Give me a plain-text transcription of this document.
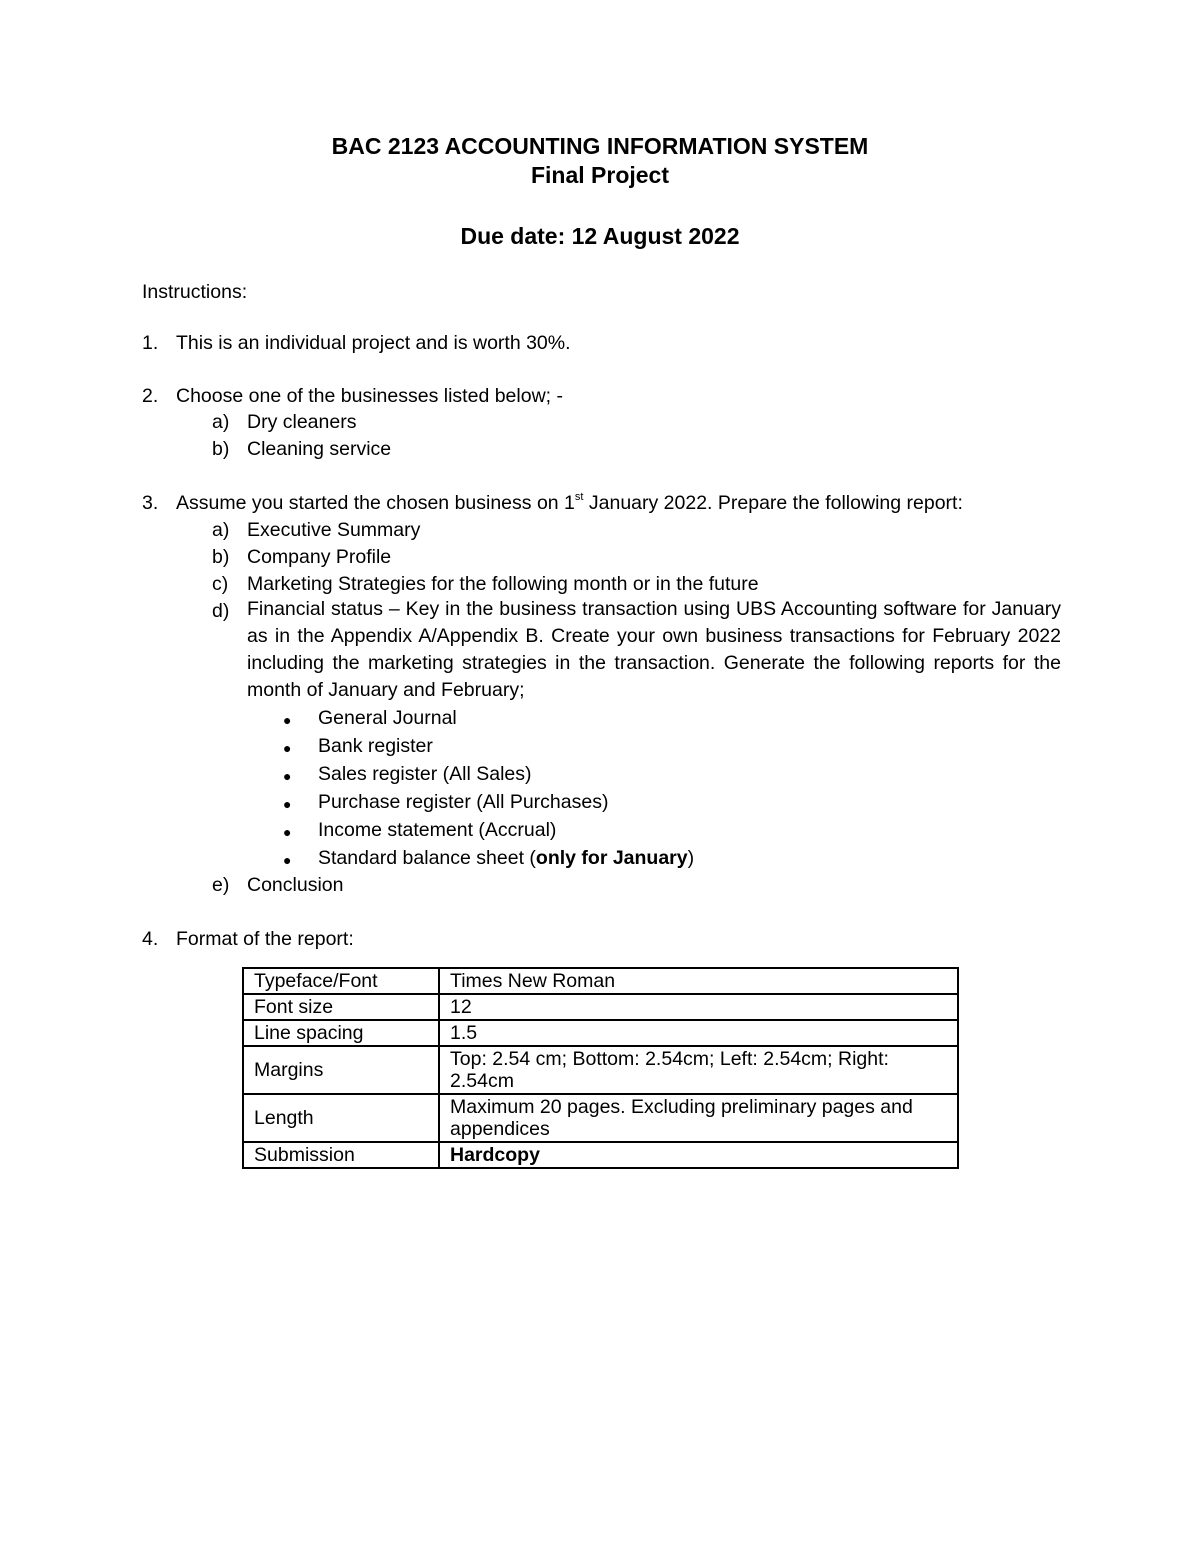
BAC 2123 ACCOUNTING INFORMATION SYSTEM
Final Project
Due date: 12 August 2022
Instructions:
1. This is an individual project and is worth 30%.
2. Choose one of the businesses listed below; -
a) Dry cleaners
b) Cleaning service
3. Assume you started the chosen business on 1st January 2022. Prepare the following report:
a) Executive Summary
b) Company Profile
c) Marketing Strategies for the following month or in the future
d) Financial status – Key in the business transaction using UBS Accounting software for January as in the Appendix A/Appendix B. Create your own business transactions for February 2022 including the marketing strategies in the transaction. Generate the following reports for the month of January and February;
● General Journal
● Bank register
● Sales register (All Sales)
● Purchase register (All Purchases)
● Income statement (Accrual)
● Standard balance sheet (only for January)
e) Conclusion
4. Format of the report:
Typeface/Font	Times New Roman
Font size	12
Line spacing	1.5
Margins	Top: 2.54 cm; Bottom: 2.54cm; Left: 2.54cm; Right: 2.54cm
Length	Maximum 20 pages. Excluding preliminary pages and appendices
Submission	Hardcopy
